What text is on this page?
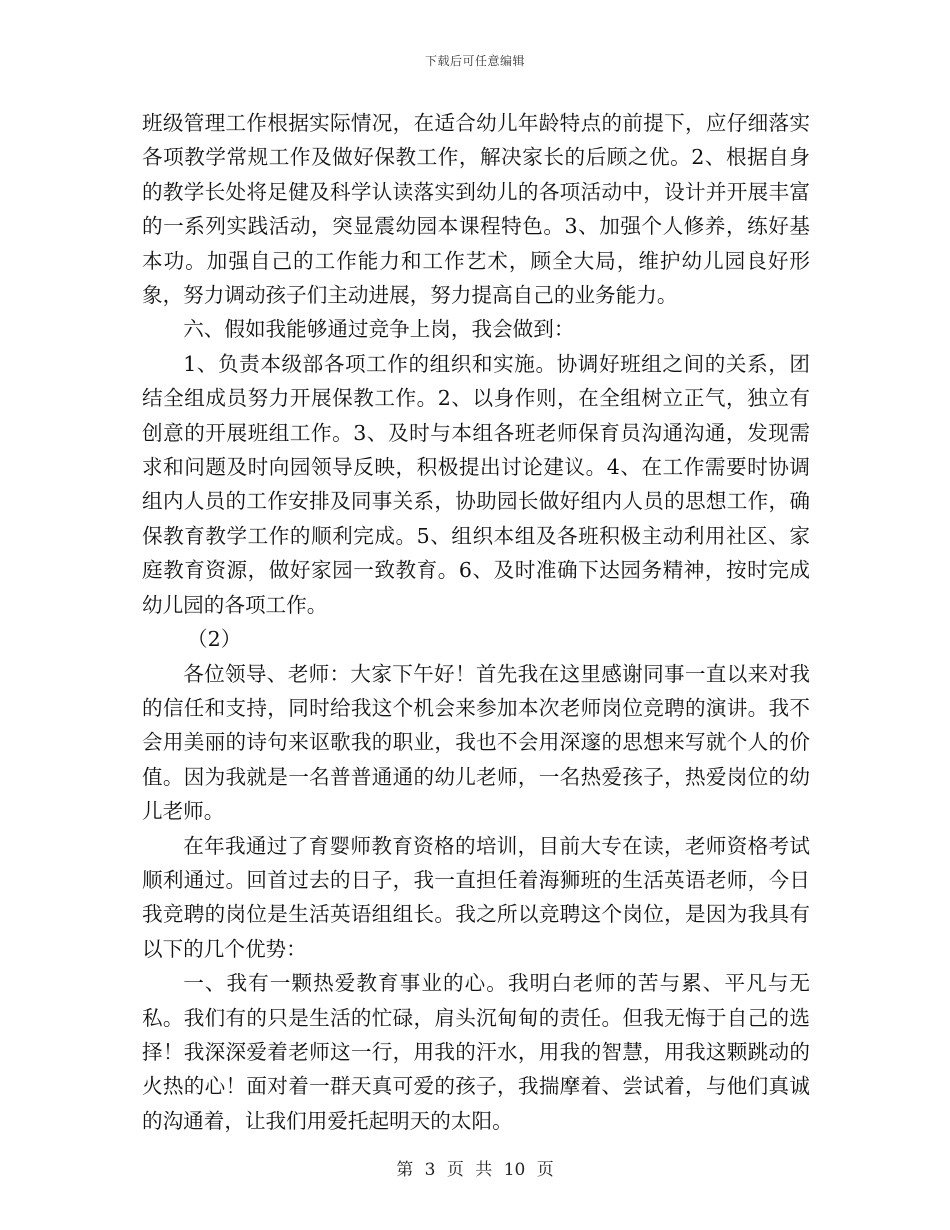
下载后可任意编辑

班级管理工作根据实际情况，在适合幼儿年龄特点的前提下，应仔细落实各项教学常规工作及做好保教工作，解决家长的后顾之优。2、根据自身的教学长处将足健及科学认读落实到幼儿的各项活动中，设计并开展丰富的一系列实践活动，突显震幼园本课程特色。3、加强个人修养，练好基本功。加强自己的工作能力和工作艺术，顾全大局，维护幼儿园良好形象，努力调动孩子们主动进展，努力提高自己的业务能力。

六、假如我能够通过竞争上岗，我会做到：

1、负责本级部各项工作的组织和实施。协调好班组之间的关系，团结全组成员努力开展保教工作。2、以身作则，在全组树立正气，独立有创意的开展班组工作。3、及时与本组各班老师保育员沟通沟通，发现需求和问题及时向园领导反映，积极提出讨论建议。4、在工作需要时协调组内人员的工作安排及同事关系，协助园长做好组内人员的思想工作，确保教育教学工作的顺利完成。5、组织本组及各班积极主动利用社区、家庭教育资源，做好家园一致教育。6、及时准确下达园务精神，按时完成幼儿园的各项工作。

（2）

各位领导、老师：大家下午好！首先我在这里感谢同事一直以来对我的信任和支持，同时给我这个机会来参加本次老师岗位竞聘的演讲。我不会用美丽的诗句来讴歌我的职业，我也不会用深邃的思想来写就个人的价值。因为我就是一名普普通通的幼儿老师，一名热爱孩子，热爱岗位的幼儿老师。

在年我通过了育婴师教育资格的培训，目前大专在读，老师资格考试顺利通过。回首过去的日子，我一直担任着海狮班的生活英语老师，今日我竞聘的岗位是生活英语组组长。我之所以竞聘这个岗位，是因为我具有以下的几个优势：

一、我有一颗热爱教育事业的心。我明白老师的苦与累、平凡与无私。我们有的只是生活的忙碌，肩头沉甸甸的责任。但我无悔于自己的选择！我深深爱着老师这一行，用我的汗水，用我的智慧，用我这颗跳动的火热的心！面对着一群天真可爱的孩子，我揣摩着、尝试着，与他们真诚的沟通着，让我们用爱托起明天的太阳。

第 3 页 共 10 页
